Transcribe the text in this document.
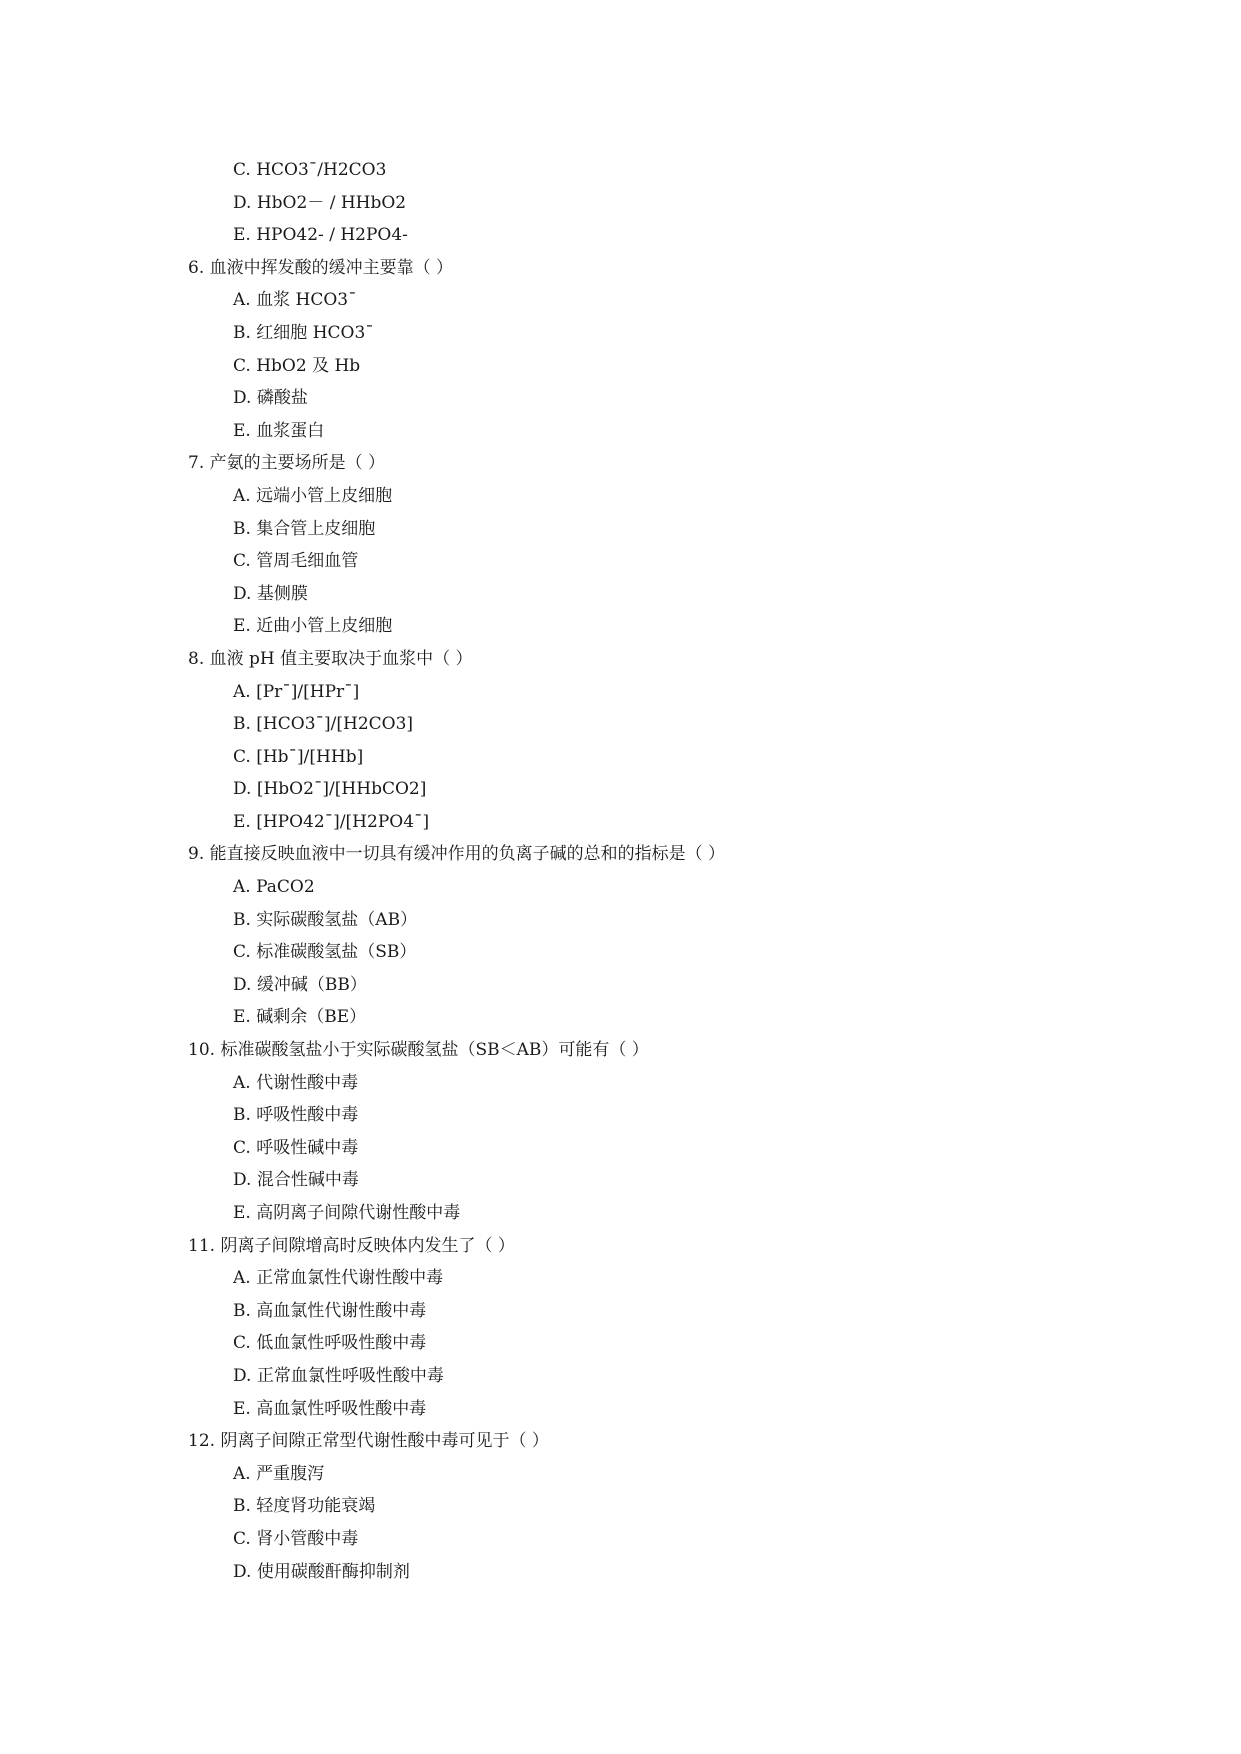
C. HCO3¯/H2CO3
D. HbO2－ / HHbO2
E. HPO42- / H2PO4-
6. 血液中挥发酸的缓冲主要靠（ ）
A. 血浆 HCO3¯
B. 红细胞 HCO3¯
C. HbO2 及 Hb
D. 磷酸盐
E. 血浆蛋白
7. 产氨的主要场所是（ ）
A. 远端小管上皮细胞
B. 集合管上皮细胞
C. 管周毛细血管
D. 基侧膜
E. 近曲小管上皮细胞
8. 血液 pH 值主要取决于血浆中（ ）
A. [Pr¯]/[HPr¯]
B. [HCO3¯]/[H2CO3]
C. [Hb¯]/[HHb]
D. [HbO2¯]/[HHbCO2]
E. [HPO42¯]/[H2PO4¯]
9. 能直接反映血液中一切具有缓冲作用的负离子碱的总和的指标是（ ）
A. PaCO2
B. 实际碳酸氢盐（AB）
C. 标准碳酸氢盐（SB）
D. 缓冲碱（BB）
E. 碱剩余（BE）
10. 标准碳酸氢盐小于实际碳酸氢盐（SB＜AB）可能有（ ）
A. 代谢性酸中毒
B. 呼吸性酸中毒
C. 呼吸性碱中毒
D. 混合性碱中毒
E. 高阴离子间隙代谢性酸中毒
11. 阴离子间隙增高时反映体内发生了（ ）
A. 正常血氯性代谢性酸中毒
B. 高血氯性代谢性酸中毒
C. 低血氯性呼吸性酸中毒
D. 正常血氯性呼吸性酸中毒
E. 高血氯性呼吸性酸中毒
12. 阴离子间隙正常型代谢性酸中毒可见于（ ）
A. 严重腹泻
B. 轻度肾功能衰竭
C. 肾小管酸中毒
D. 使用碳酸酐酶抑制剂
